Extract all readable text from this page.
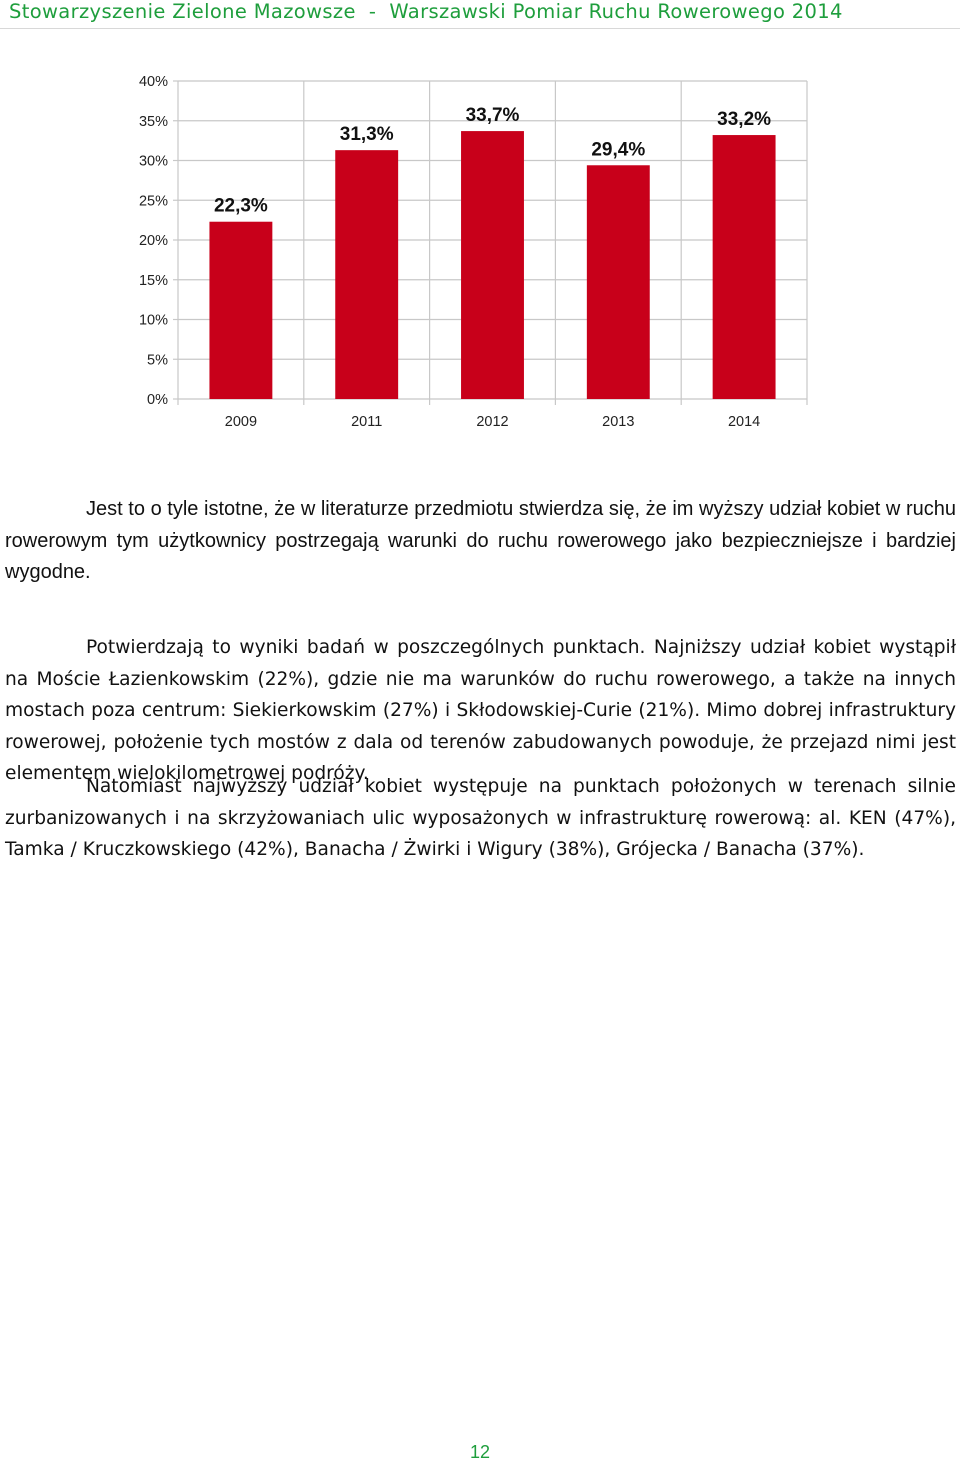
Stowarzyszenie Zielone Mazowsze  -  Warszawski Pomiar Ruchu Rowerowego 2014
0%
5%
10%
15%
20%
25%
30%
35%
40%
22,3%
2009
31,3%
2011
33,7%
2012
29,4%
2013
33,2%
2014

Jest to o tyle istotne, że w literaturze przedmiotu stwierdza się, że im wyższy udział kobiet w ruchu rowerowym tym użytkownicy postrzegają warunki do ruchu rowerowego jako bezpieczniejsze i bardziej wygodne.

Potwierdzają to wyniki badań w poszczególnych punktach. Najniższy udział kobiet wystąpił na Moście Łazienkowskim (22%), gdzie nie ma warunków do ruchu rowerowego, a także na innych mostach poza centrum: Siekierkowskim (27%) i Skłodowskiej-Curie (21%). Mimo dobrej infrastruktury rowerowej, położenie tych mostów z dala od terenów zabudowanych powoduje, że przejazd nimi jest elementem wielokilometrowej podróży.

Natomiast najwyższy udział kobiet występuje na punktach położonych w terenach silnie zurbanizowanych i na skrzyżowaniach ulic wyposażonych w infrastrukturę rowerową: al. KEN (47%), Tamka / Kruczkowskiego (42%), Banacha / Żwirki i Wigury (38%), Grójecka / Banacha (37%).

12
